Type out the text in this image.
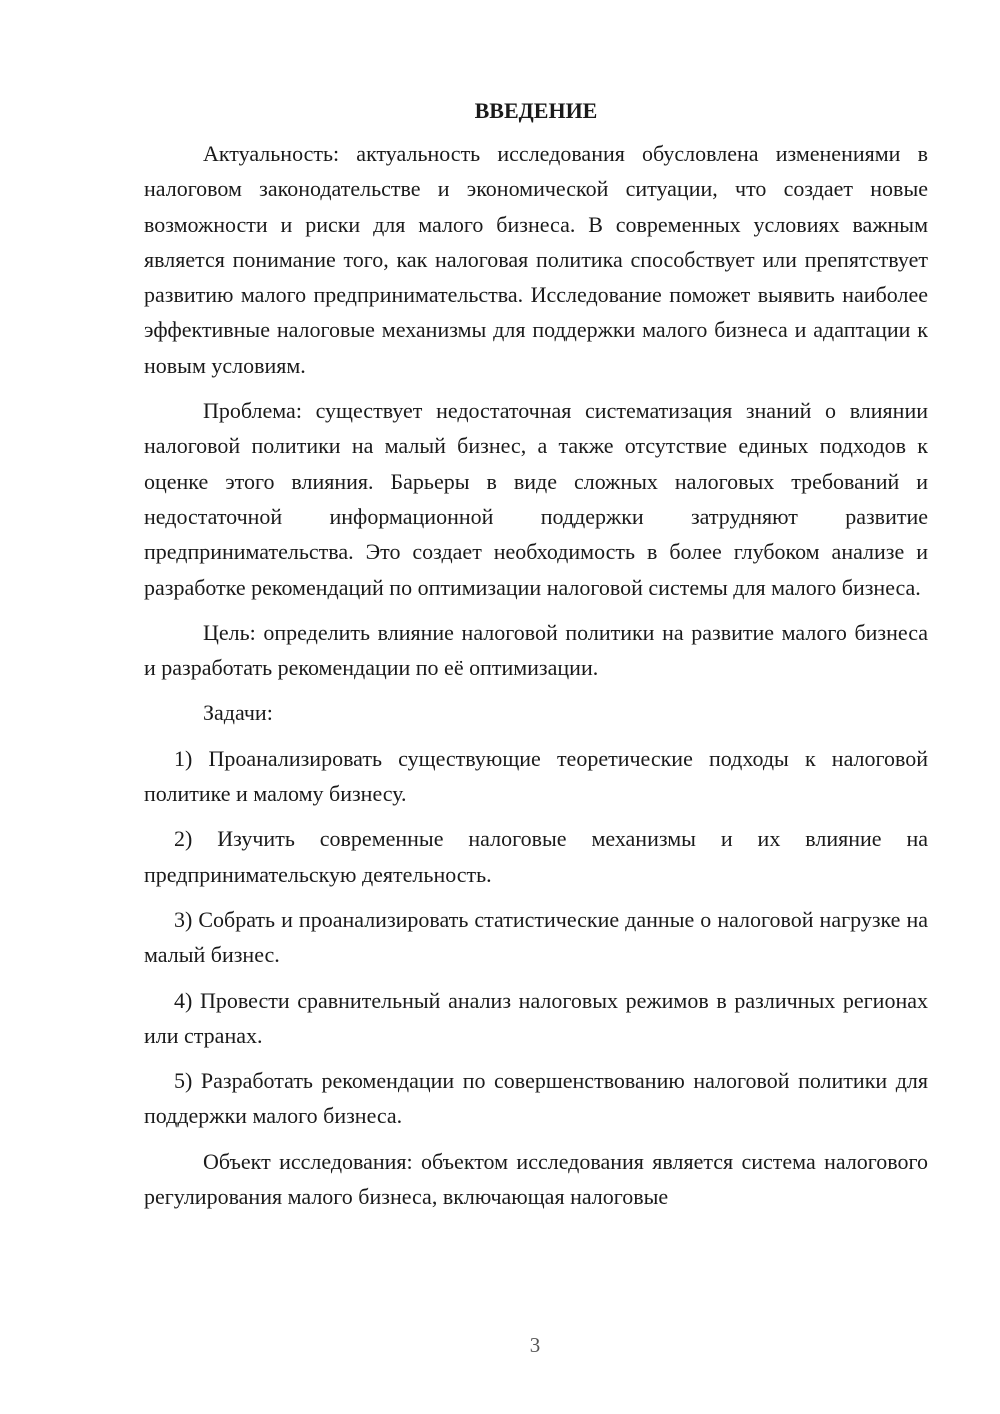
ВВЕДЕНИЕ

Актуальность: актуальность исследования обусловлена изменениями в налоговом законодательстве и экономической ситуации, что создает новые возможности и риски для малого бизнеса. В современных условиях важным является понимание того, как налоговая политика способствует или препятствует развитию малого предпринимательства. Исследование поможет выявить наиболее эффективные налоговые механизмы для поддержки малого бизнеса и адаптации к новым условиям.

Проблема: существует недостаточная систематизация знаний о влиянии налоговой политики на малый бизнес, а также отсутствие единых подходов к оценке этого влияния. Барьеры в виде сложных налоговых требований и недостаточной информационной поддержки затрудняют развитие предпринимательства. Это создает необходимость в более глубоком анализе и разработке рекомендаций по оптимизации налоговой системы для малого бизнеса.

Цель: определить влияние налоговой политики на развитие малого бизнеса и разработать рекомендации по её оптимизации.

Задачи:

1) Проанализировать существующие теоретические подходы к налоговой политике и малому бизнесу.

2) Изучить современные налоговые механизмы и их влияние на предпринимательскую деятельность.

3) Собрать и проанализировать статистические данные о налоговой нагрузке на малый бизнес.

4) Провести сравнительный анализ налоговых режимов в различных регионах или странах.

5) Разработать рекомендации по совершенствованию налоговой политики для поддержки малого бизнеса.

Объект исследования: объектом исследования является система налогового регулирования малого бизнеса, включающая налоговые

3
